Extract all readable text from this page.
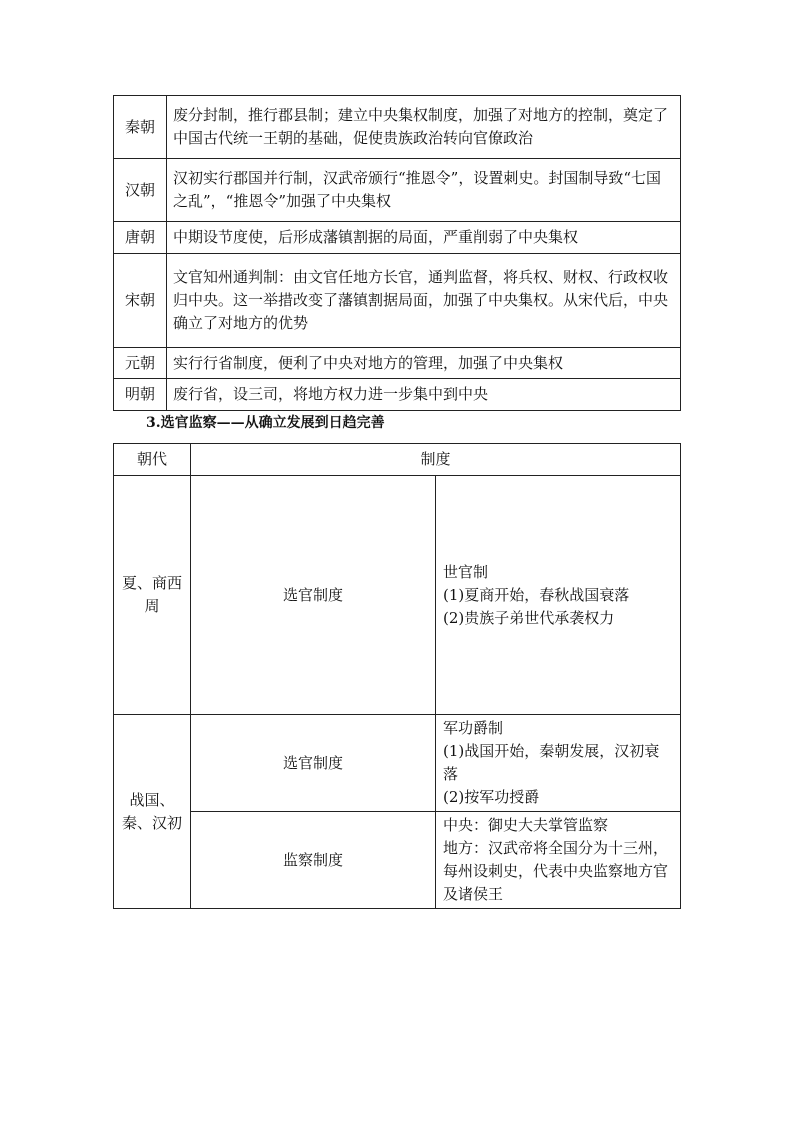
秦朝	废分封制，推行郡县制；建立中央集权制度，加强了对地方的控制，奠定了中国古代统一王朝的基础，促使贵族政治转向官僚政治
汉朝	汉初实行郡国并行制，汉武帝颁行“推恩令”，设置刺史。封国制导致“七国之乱”，“推恩令”加强了中央集权
唐朝	中期设节度使，后形成藩镇割据的局面，严重削弱了中央集权
宋朝	文官知州通判制：由文官任地方长官，通判监督，将兵权、财权、行政权收归中央。这一举措改变了藩镇割据局面，加强了中央集权。从宋代后，中央确立了对地方的优势
元朝	实行行省制度，便利了中央对地方的管理，加强了中央集权
明朝	废行省，设三司，将地方权力进一步集中到中央
3.选官监察——从确立发展到日趋完善
朝代	制度	
夏、商西周	选官制度	世官制
(1)夏商开始，春秋战国衰落
(2)贵族子弟世代承袭权力

战国、秦、汉初	选官制度	军功爵制
(1)战国开始，秦朝发展，汉初衰落
(2)按军功授爵

	监察制度	中央：御史大夫掌管监察
地方：汉武帝将全国分为十三州，每州设刺史，代表中央监察地方官及诸侯王
